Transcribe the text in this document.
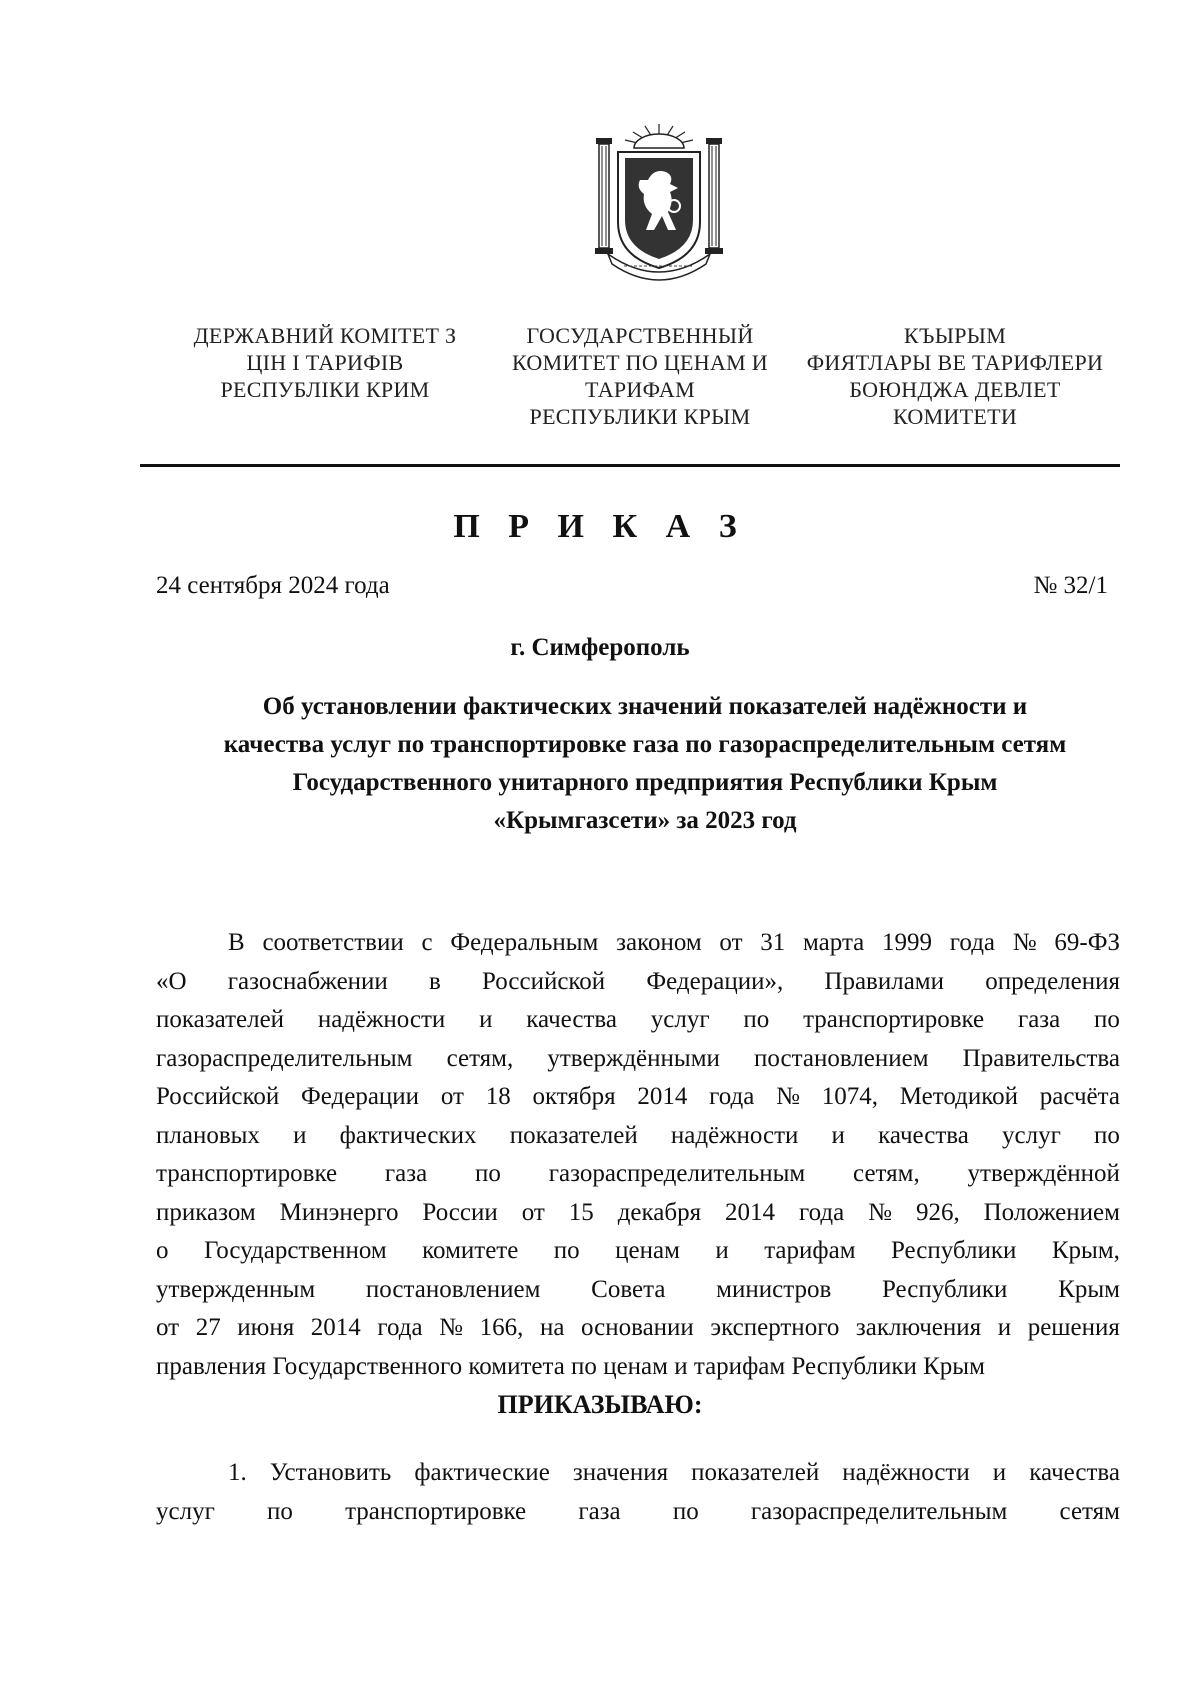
ДЕРЖАВНИЙ КОМІТЕТ З
ЦІН І ТАРИФІВ
РЕСПУБЛІКИ КРИМ
ГОСУДАРСТВЕННЫЙ
КОМИТЕТ ПО ЦЕНАМ И
ТАРИФАМ
РЕСПУБЛИКИ КРЫМ
КЪЫРЫМ
ФИЯТЛАРЫ ВЕ ТАРИФЛЕРИ
БОЮНДЖА ДЕВЛЕТ
КОМИТЕТИ
П Р И К А З
24 сентября 2024 года	№ 32/1
г. Симферополь
Об установлении фактических значений показателей надёжности и
качества услуг по транспортировке газа по газораспределительным сетям
Государственного унитарного предприятия Республики Крым
«Крымгазсети» за 2023 год
В соответствии с Федеральным законом от 31 марта 1999 года № 69-ФЗ
«О газоснабжении в Российской Федерации», Правилами определения
показателей надёжности и качества услуг по транспортировке газа по
газораспределительным сетям, утверждёнными постановлением Правительства
Российской Федерации от 18 октября 2014 года № 1074, Методикой расчёта
плановых и фактических показателей надёжности и качества услуг по
транспортировке газа по газораспределительным сетям, утверждённой
приказом Минэнерго России от 15 декабря 2014 года № 926, Положением
о Государственном комитете по ценам и тарифам Республики Крым,
утвержденным постановлением Совета министров Республики Крым
от 27 июня 2014 года № 166, на основании экспертного заключения и решения
правления Государственного комитета по ценам и тарифам Республики Крым
ПРИКАЗЫВАЮ:
1. Установить фактические значения показателей надёжности и качества
услуг по транспортировке газа по газораспределительным сетям
